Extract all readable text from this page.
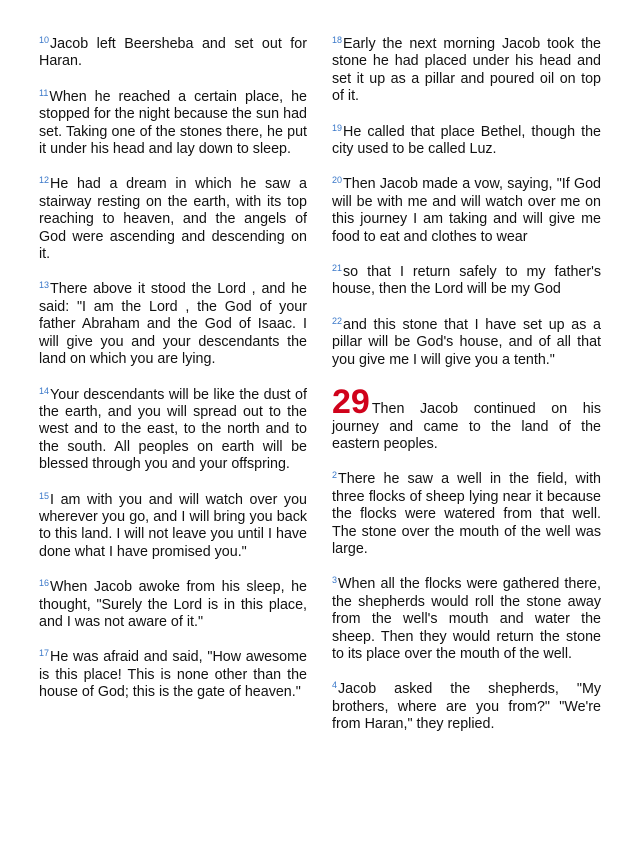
$^{10}$Jacob left Beersheba and set out for Haran.

$^{11}$When he reached a certain place, he stopped for the night because the sun had set. Taking one of the stones there, he put it under his head and lay down to sleep.

$^{12}$He had a dream in which he saw a stairway resting on the earth, with its top reaching to heaven, and the angels of God were ascending and descending on it.

$^{13}$There above it stood the Lord , and he said: "I am the Lord , the God of your father Abraham and the God of Isaac. I will give you and your descendants the land on which you are lying.

$^{14}$Your descendants will be like the dust of the earth, and you will spread out to the west and to the east, to the north and to the south. All peoples on earth will be blessed through you and your offspring.

$^{15}$I am with you and will watch over you wherever you go, and I will bring you back to this land. I will not leave you until I have done what I have promised you."

$^{16}$When Jacob awoke from his sleep, he thought, "Surely the Lord is in this place, and I was not aware of it."

$^{17}$He was afraid and said, "How awesome is this place! This is none other than the house of God; this is the gate of heaven."

$^{18}$Early the next morning Jacob took the stone he had placed under his head and set it up as a pillar and poured oil on top of it.

$^{19}$He called that place Bethel, though the city used to be called Luz.

$^{20}$Then Jacob made a vow, saying, "If God will be with me and will watch over me on this journey I am taking and will give me food to eat and clothes to wear

$^{21}$so that I return safely to my father's house, then the Lord will be my God

$^{22}$and this stone that I have set up as a pillar will be God's house, and of all that you give me I will give you a tenth."

29 Then Jacob continued on his journey and came to the land of the eastern peoples.

$^2$There he saw a well in the field, with three flocks of sheep lying near it because the flocks were watered from that well. The stone over the mouth of the well was large.

$^3$When all the flocks were gathered there, the shepherds would roll the stone away from the well's mouth and water the sheep. Then they would return the stone to its place over the mouth of the well.

$^4$Jacob asked the shepherds, "My brothers, where are you from?" "We're from Haran," they replied.
